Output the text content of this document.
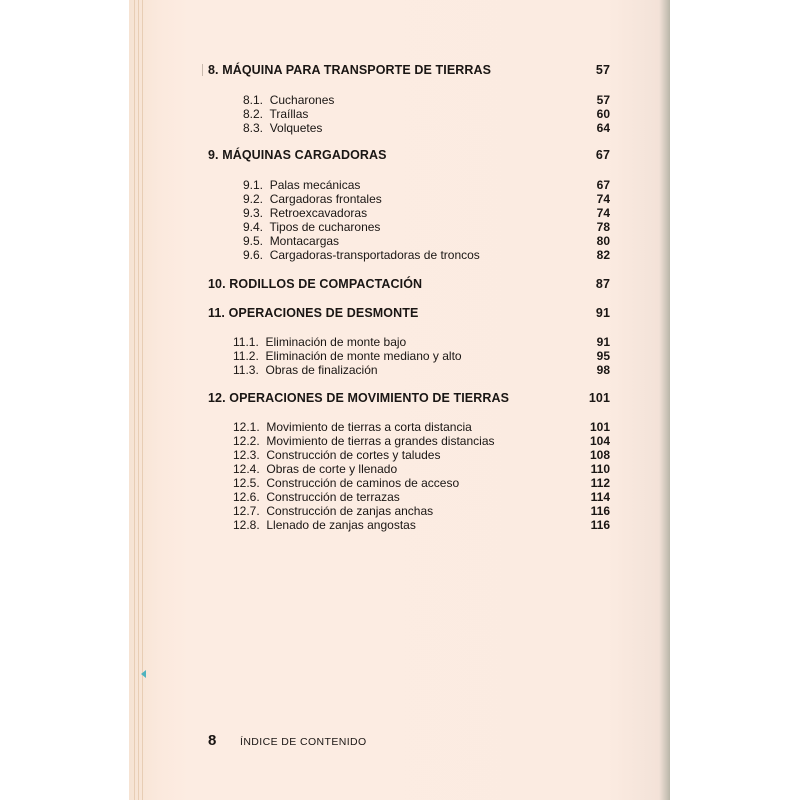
8. MÁQUINA PARA TRANSPORTE DE TIERRAS	57
8.1. Cucharones	57
8.2. Traíllas	60
8.3. Volquetes	64
9. MÁQUINAS CARGADORAS	67
9.1. Palas mecánicas	67
9.2. Cargadoras frontales	74
9.3. Retroexcavadoras	74
9.4. Tipos de cucharones	78
9.5. Montacargas	80
9.6. Cargadoras-transportadoras de troncos	82
10. RODILLOS DE COMPACTACIÓN	87
11. OPERACIONES DE DESMONTE	91
11.1. Eliminación de monte bajo	91
11.2. Eliminación de monte mediano y alto	95
11.3. Obras de finalización	98
12. OPERACIONES DE MOVIMIENTO DE TIERRAS	101
12.1. Movimiento de tierras a corta distancia	101
12.2. Movimiento de tierras a grandes distancias	104
12.3. Construcción de cortes y taludes	108
12.4. Obras de corte y llenado	110
12.5. Construcción de caminos de acceso	112
12.6. Construcción de terrazas	114
12.7. Construcción de zanjas anchas	116
12.8. Llenado de zanjas angostas	116
8	ÍNDICE DE CONTENIDO
